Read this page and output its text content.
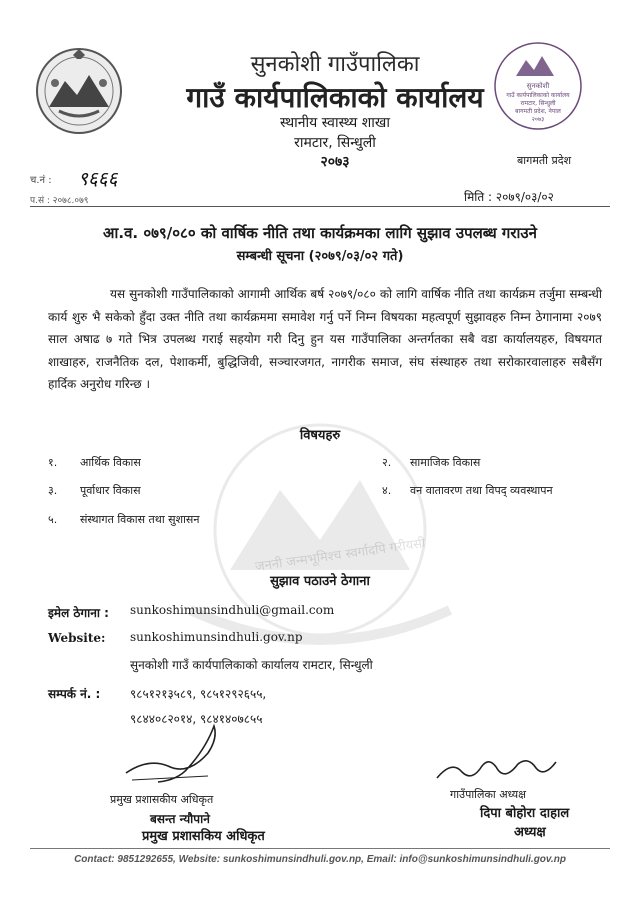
सुनकोशी गाउँपालिका
गाउँ कार्यपालिकाको कार्यालय
स्थानीय स्वास्थ्य शाखा
रामटार, सिन्धुली
२०७३
सुनकोशी
गाउँ कार्यपालिकाको कार्यालय
रामटार, सिन्धुली
बागमती प्रदेश, नेपाल
२०७३
बागमती प्रदेश
च.नं : ९६६६
प.सं : २०७८.०७९	मिति : २०७९/०३/०२
आ.व. ०७९/०८० को वार्षिक नीति तथा कार्यक्रमका लागि सुझाव उपलब्ध गराउने
सम्बन्धी सूचना (२०७९/०३/०२ गते)
यस सुनकोशी गाउँपालिकाको आगामी आर्थिक बर्ष २०७९/०८० को लागि वार्षिक नीति तथा कार्यक्रम तर्जुमा सम्बन्धी कार्य शुरु भै सकेको हुँदा उक्त नीति तथा कार्यक्रममा समावेश गर्नु पर्ने निम्न विषयका महत्वपूर्ण सुझावहरु निम्न ठेगानामा २०७९ साल अषाढ ७ गते भित्र उपलब्ध गराई सहयोग गरी दिनु हुन यस गाउँपालिका अन्तर्गतका सबै वडा कार्यालयहरु, विषयगत शाखाहरु, राजनैतिक दल, पेशाकर्मी, बुद्धिजिवी, सञ्चारजगत, नागरीक समाज, संघ संस्थाहरु तथा सरोकारवालाहरु सबैसँग हार्दिक अनुरोध गरिन्छ ।
विषयहरु
१. आर्थिक विकास	२. सामाजिक विकास
३. पूर्वाधार विकास	४. वन वातावरण तथा विपद् व्यवस्थापन
५. संस्थागत विकास तथा सुशासन
जननी जन्मभूमिश्च स्वर्गादपि गरीयसी
सुझाव पठाउने ठेगाना
इमेल ठेगाना : sunkoshimunsindhuli@gmail.com
Website: sunkoshimunsindhuli.gov.np
सुनकोशी गाउँ कार्यपालिकाको कार्यालय रामटार, सिन्धुली
सम्पर्क नं. : ९८५१२१३५८९, ९८५१२९२६५५,
९८४४०८२०१४, ९८४१४०७८५५
प्रमुख प्रशासकीय अधिकृत
बसन्त न्यौपाने
प्रमुख प्रशासकिय अधिकृत
गाउँपालिका अध्यक्ष
दिपा बोहोरा दाहाल
अध्यक्ष
Contact: 9851292655, Website: sunkoshimunsindhuli.gov.np, Email: info@sunkoshimunsindhuli.gov.np
